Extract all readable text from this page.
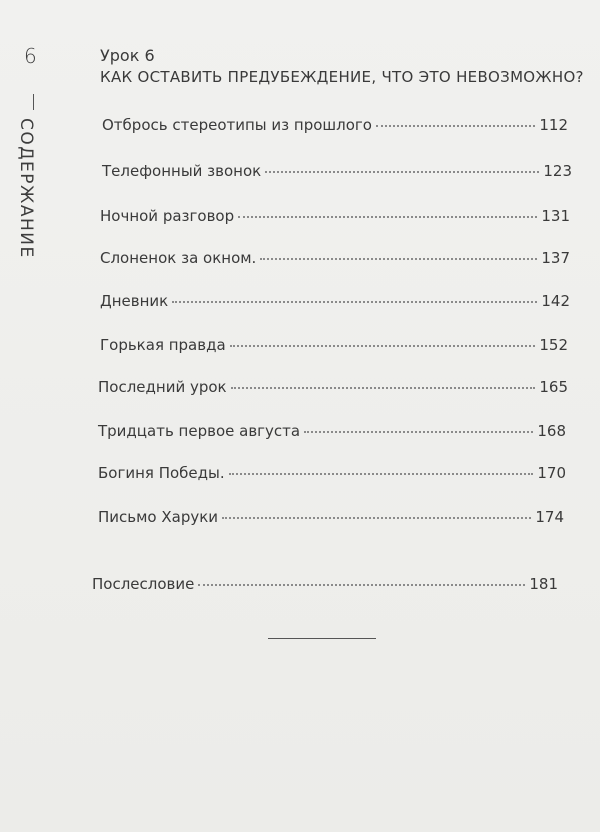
6
СОДЕРЖАНИЕ
Урок 6
КАК ОСТАВИТЬ ПРЕДУБЕЖДЕНИЕ, ЧТО ЭТО НЕВОЗМОЖНО?
Отбрось стереотипы из прошлого	112
Телефонный звонок	123
Ночной разговор	131
Слоненок за окном.	137
Дневник	142
Горькая правда	152
Последний урок	165
Тридцать первое августа	168
Богиня Победы.	170
Письмо Харуки	174
Послесловие	181
